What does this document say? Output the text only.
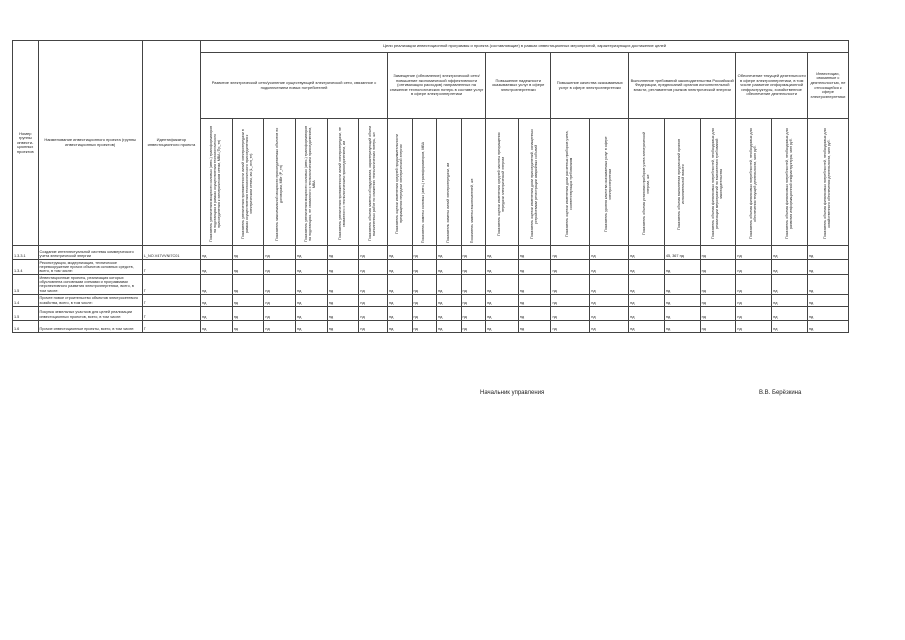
Номер группы инвести-ционных проектов	Наименование инвестиционного проекта (группы инвестиционных проектов)	Идентификатор инвестиционного проекта	Цели реализации инвестиционной программы и проекта (составляющие) в рамках инвестиционных мероприятий, характеризующих достижение целей																			
			Развитие электрической сети/усиление существующей электрической сети, связанное с подключением новых потребителей						Замещение (обновление) электрической сети/повышение экономической эффективности (оптимизация расходов) направленных на снижение технологических потерь в составе услуг в сфере электроэнергетики				Повышение надежности оказываемых услуг в сфере электроэнергетики		Повышение качества оказываемых услуг в сфере электроэнергетики		Выполнение требований законодательства Российской Федерации, предписаний органов исполнительной власти, регламентов рынков электрической энергии			Обеспечение текущей деятельности в сфере электроэнергетики, в том числе развитие информационной инфраструктуры, хозяйственное обеспечение деятельности		Инвестиции, связанные с деятельностью, не относящейся к сфере электроэнергетики

			Показатель увеличения мощности силовых (авто-) трансформаторов на подстанциях в рамках осуществления технологического присоединения к электрическим сетям, МВА (Пр_тп)	Показатель увеличения протяженности линий электропередачи в рамках осуществления технологического присоединения к электрическим сетям, км (L_лэп_тп)	Показатель максимальной мощности присоединяемых объектов по договорам, МВт (P_тп)	Показатель увеличения мощности силовых (авто-) трансформаторов на подстанциях, не связанного с технологическим присоединением, МВА	Показатель увеличения протяженности линий электропередачи, не связанного с технологическим присоединением, км	Показатель объема замены оборудования, характеризующий объем выполненных работ по снижению технологических потерь, шт.	Показатель оценки изменения средней продолжительности прекращения передачи электрической энергии	Показатель замены силовых (авто-) трансформаторов, МВА	Показатель замены линий электропередачи, км	Показатель замены выключателей, шт.	Показатель оценки изменения средней частоты прекращения передачи электрической энергии	Показатель оценки изменения доли присоединений, оснащенных устройствами регистрации аварийных событий	Показатель оценки изменения доли расчетных приборов учета, соответствующих требованиям	Показатель уровня качества оказываемых услуг в сфере электроэнергетики	Показатель объема установки приборов учета электрической энергии, шт.	Показатель объема выполнения предписаний органов исполнительной власти	Показатель объема финансовых потребностей, необходимых для реализации мероприятий по выполнению требований законодательства	Показатель объема финансовых потребностей, необходимых для обеспечения текущей деятельности, млн руб.	Показатель объема финансовых потребностей, необходимых для развития информационной инфраструктуры, млн руб.	Показатель объема финансовых потребностей, необходимых для хозяйственного обеспечения деятельности, млн руб.

1.3.3.1	Создание интеллектуальной системы коммерческого учета электрической энергии	L_NO.V47VVNI7C01	нд	нд	нд	нд	нд	нд	нд	нд	нд	нд	нд	нд	нд	нд	нд	45, 367 нд	нд	нд	нд	нд
1.3.4	Реконструкция, модернизация, техническое перевооружение прочих объектов основных средств, всего, в том числе:	Г	нд	нд	нд	нд	нд	нд	нд	нд	нд	нд	нд	нд	нд	нд	нд	нд	нд	нд	нд	нд
1.5	Инвестиционные проекты, реализация которых обусловлена основными схемами и программами перспективного развития электроэнергетики, всего, в том числе:	Г	нд	нд	нд	нд	нд	нд	нд	нд	нд	нд	нд	нд	нд	нд	нд	нд	нд	нд	нд	нд
1.4	Прочее новое строительство объектов электросетевого хозяйства, всего, в том числе:	Г	нд	нд	нд	нд	нд	нд	нд	нд	нд	нд	нд	нд	нд	нд	нд	нд	нд	нд	нд	нд
1.5	Покупка земельных участков для целей реализации инвестиционных проектов, всего, в том числе:	Г	нд	нд	нд	нд	нд	нд	нд	нд	нд	нд	нд	нд	нд	нд	нд	нд	нд	нд	нд	нд
1.6	Прочие инвестиционные проекты, всего, в том числе:	Г	нд	нд	нд	нд	нд	нд	нд	нд	нд	нд	нд	нд	нд	нд	нд	нд	нд	нд	нд	нд
Начальник управления	В.В. Берёзкина
